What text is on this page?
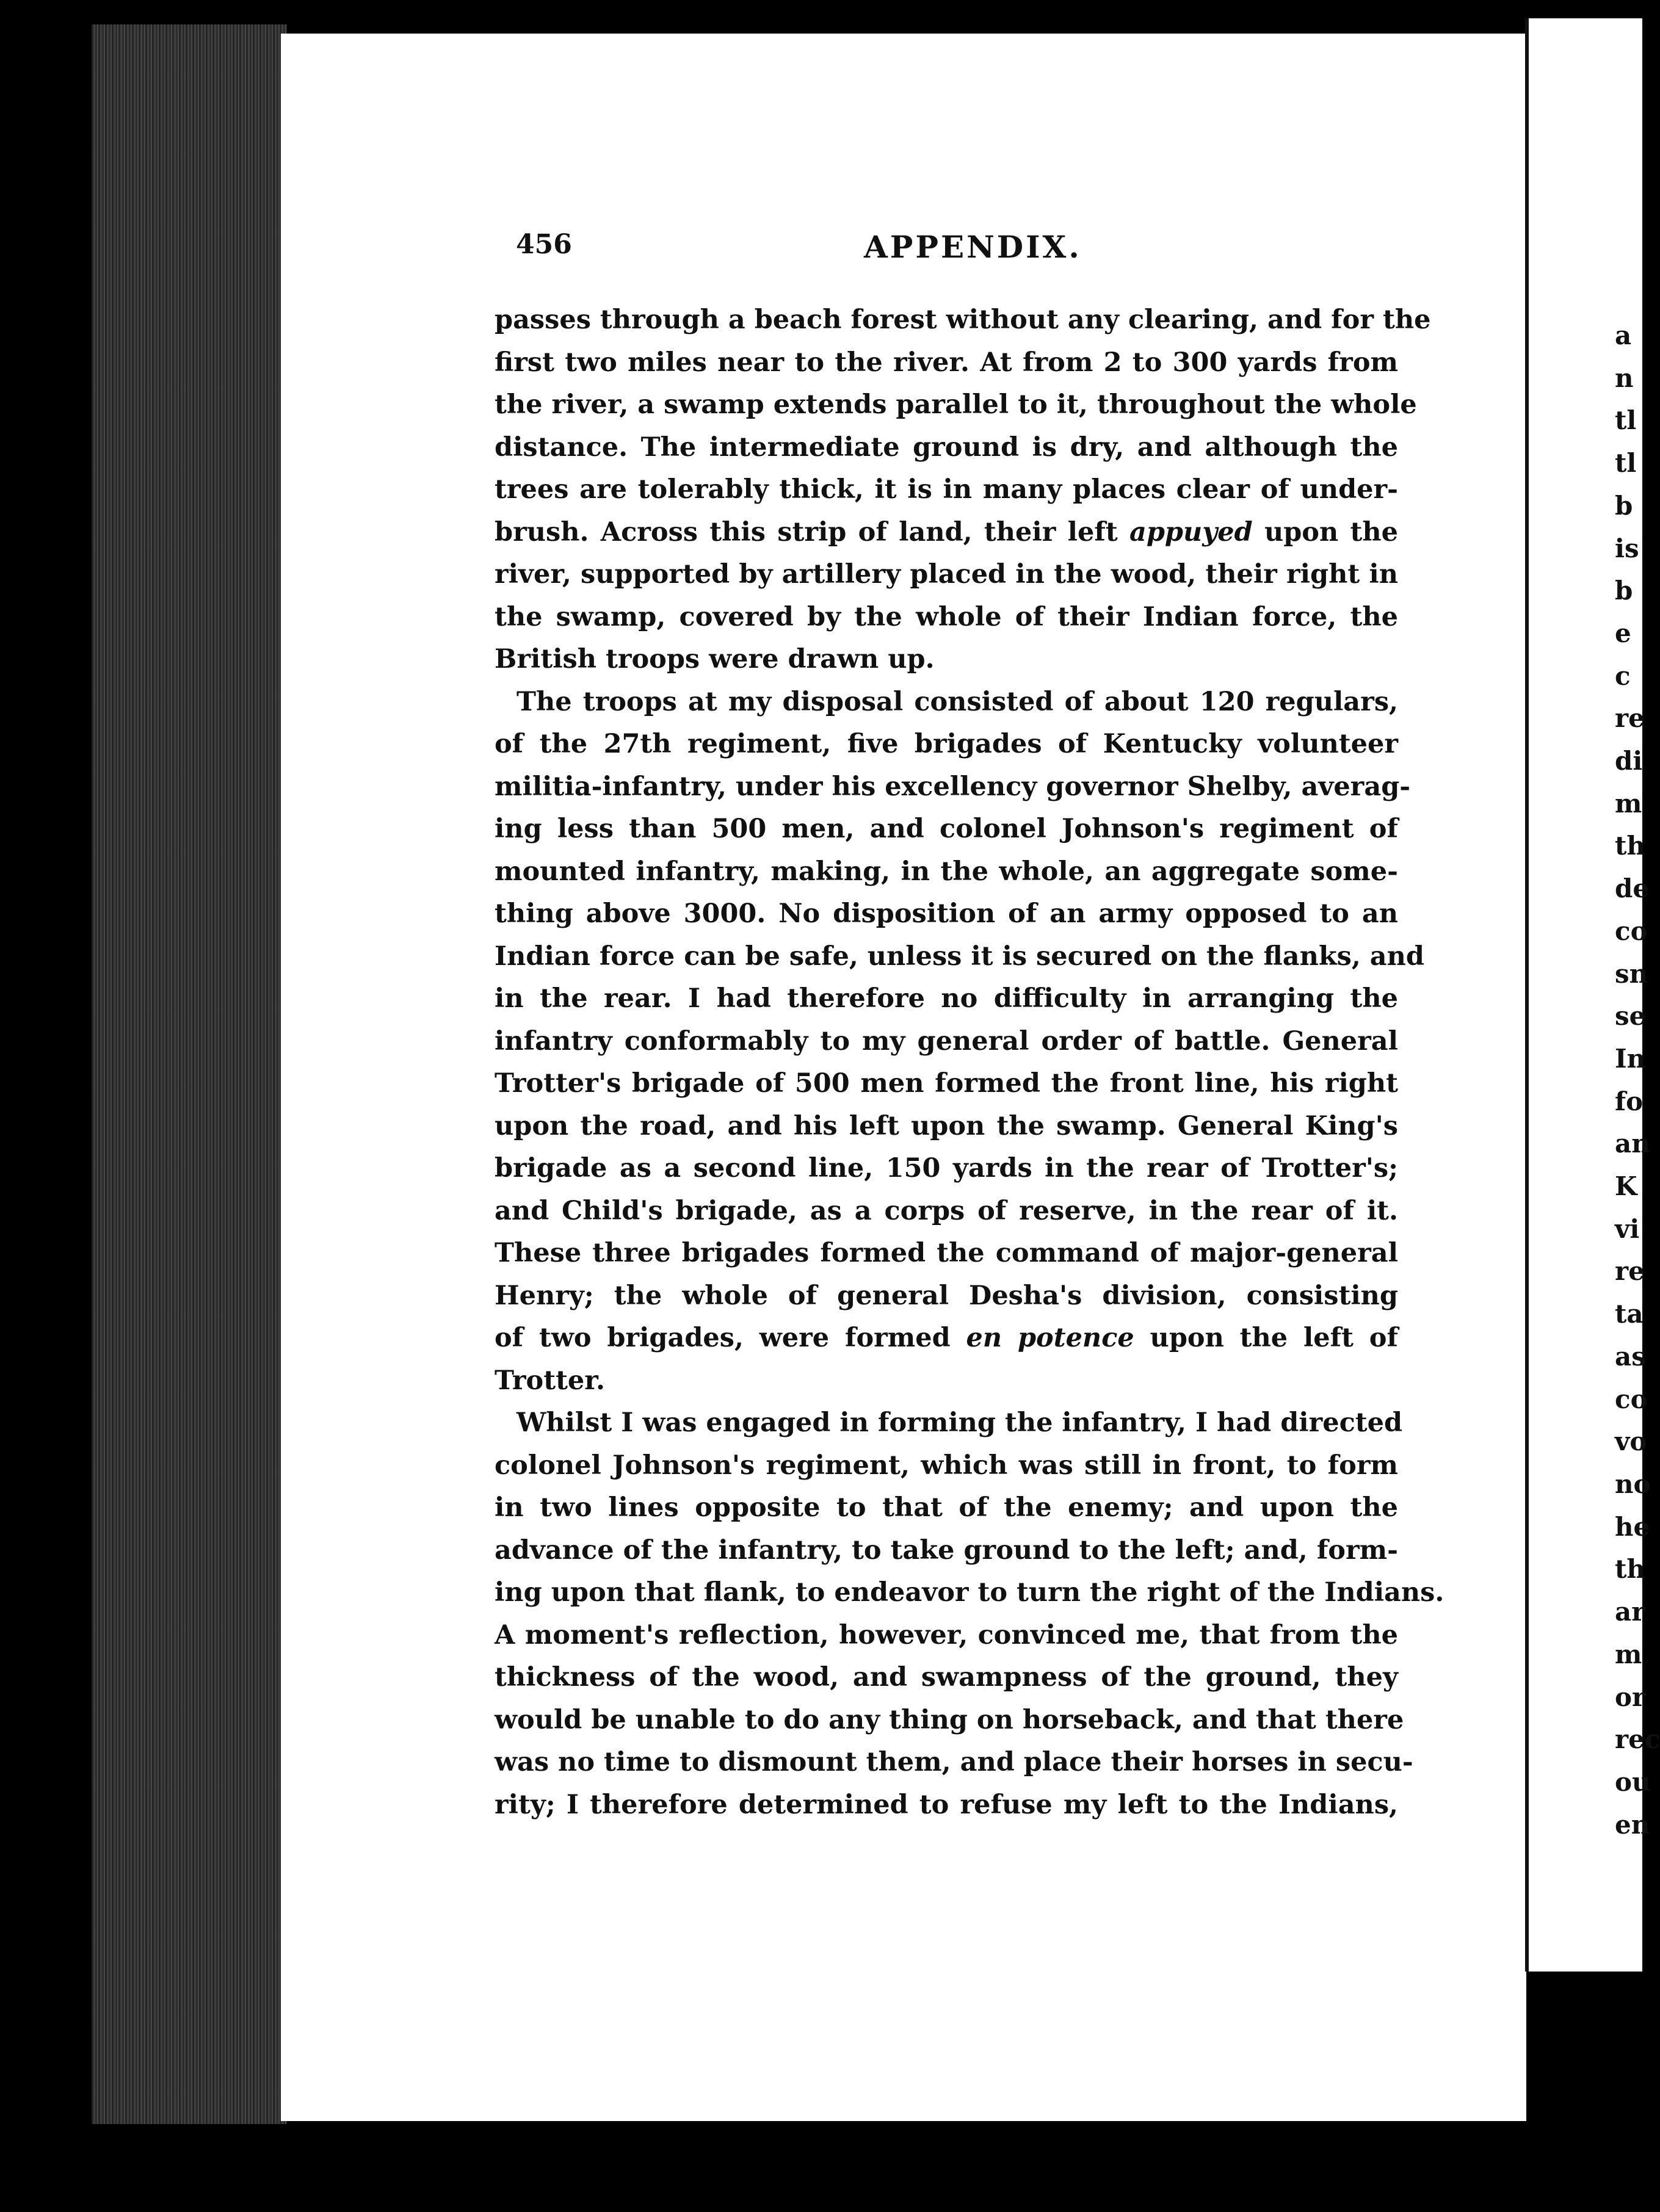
456	APPENDIX.
passes through a beach forest without any clearing, and for the
first two miles near to the river. At from 2 to 300 yards from
the river, a swamp extends parallel to it, throughout the whole
distance. The intermediate ground is dry, and although the
trees are tolerably thick, it is in many places clear of under-
brush. Across this strip of land, their left appuyed upon the
river, supported by artillery placed in the wood, their right in
the swamp, covered by the whole of their Indian force, the
British troops were drawn up.
The troops at my disposal consisted of about 120 regulars,
of the 27th regiment, five brigades of Kentucky volunteer
militia-infantry, under his excellency governor Shelby, averag-
ing less than 500 men, and colonel Johnson's regiment of
mounted infantry, making, in the whole, an aggregate some-
thing above 3000. No disposition of an army opposed to an
Indian force can be safe, unless it is secured on the flanks, and
in the rear. I had therefore no difficulty in arranging the
infantry conformably to my general order of battle. General
Trotter's brigade of 500 men formed the front line, his right
upon the road, and his left upon the swamp. General King's
brigade as a second line, 150 yards in the rear of Trotter's;
and Child's brigade, as a corps of reserve, in the rear of it.
These three brigades formed the command of major-general
Henry; the whole of general Desha's division, consisting
of two brigades, were formed en potence upon the left of
Trotter.
Whilst I was engaged in forming the infantry, I had directed
colonel Johnson's regiment, which was still in front, to form
in two lines opposite to that of the enemy; and upon the
advance of the infantry, to take ground to the left; and, form-
ing upon that flank, to endeavor to turn the right of the Indians.
A moment's reflection, however, convinced me, that from the
thickness of the wood, and swampness of the ground, they
would be unable to do any thing on horseback, and that there
was no time to dismount them, and place their horses in secu-
rity; I therefore determined to refuse my left to the Indians,
a
n
tl
tl
b
is
b
e
c
re
di
m
th
de
co
sn
se
In
fo
an
K
vi
re
ta
as
co
vo
no
he
th
ar
m
or
rec
ou
en
